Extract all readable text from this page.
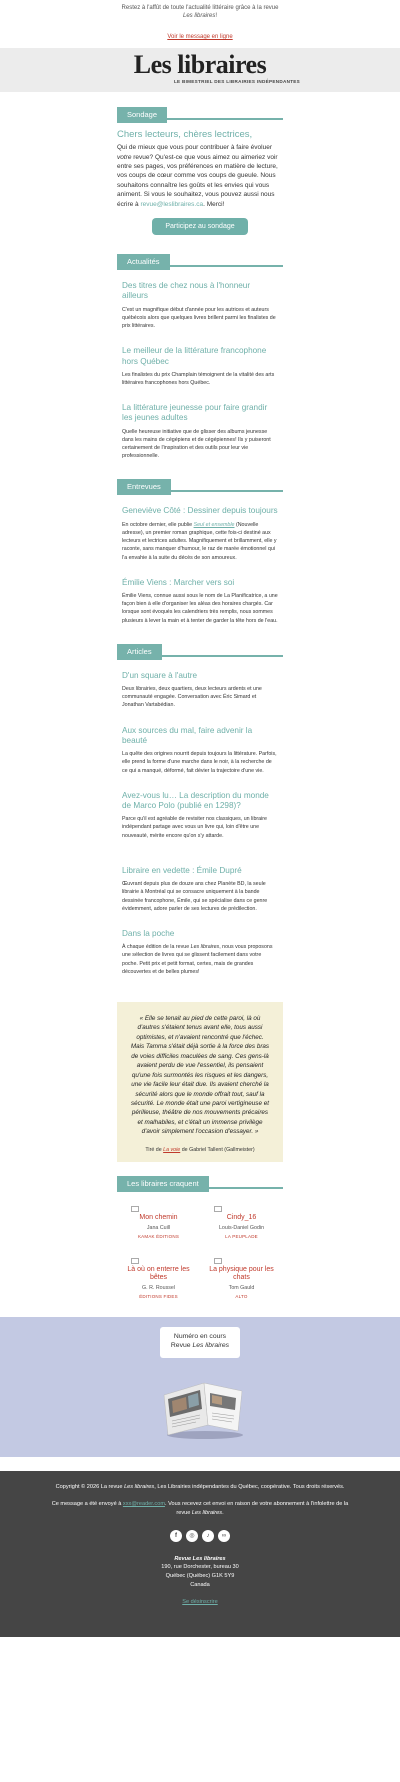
Restez à l'affût de toute l'actualité littéraire grâce à la revue Les libraires!
Voir le message en ligne
Les libraires
LE BIMESTRIEL DES LIBRAIRIES INDÉPENDANTES
Sondage
Chers lecteurs, chères lectrices,
Qui de mieux que vous pour contribuer à faire évoluer votre revue? Qu'est-ce que vous aimez ou aimeriez voir entre ses pages, vos préférences en matière de lecture, vos coups de cœur comme vos coups de gueule. Nous souhaitons connaître les goûts et les envies qui vous animent. Si vous le souhaitez, vous pouvez aussi nous écrire à revue@leslibraires.ca. Merci!
Participez au sondage
Actualités
Des titres de chez nous à l'honneur ailleurs

C'est un magnifique début d'année pour les autrices et auteurs québécois alors que quelques livres brillent parmi les finalistes de prix littéraires.

Le meilleur de la littérature francophone hors Québec

Les finalistes du prix Champlain témoignent de la vitalité des arts littéraires francophones hors Québec.

La littérature jeunesse pour faire grandir les jeunes adultes

Quelle heureuse initiative que de glisser des albums jeunesse dans les mains de cégépiens et de cégépiennes! Ils y puiseront certainement de l'inspiration et des outils pour leur vie professionnelle.

Entrevues
Geneviève Côté : Dessiner depuis toujours

En octobre dernier, elle publie Seul et ensemble (Nouvelle adresse), un premier roman graphique, cette fois-ci destiné aux lecteurs et lectrices adultes. Magnifiquement et brillamment, elle y raconte, sans manquer d'humour, le raz de marée émotionnel qui l'a envahie à la suite du décès de son amoureux.

Émilie Viens : Marcher vers soi

Émilie Viens, connue aussi sous le nom de La Planificatrice, a une façon bien à elle d'organiser les aléas des horaires chargés. Car lorsque sont évoqués les calendriers très remplis, nous sommes plusieurs à lever la main et à tenter de garder la tête hors de l'eau.

Articles
D'un square à l'autre

Deux librairies, deux quartiers, deux lecteurs ardents et une communauté engagée. Conversation avec Éric Simard et Jonathan Vartabédian.

Aux sources du mal, faire advenir la beauté

La quête des origines nourrit depuis toujours la littérature. Parfois, elle prend la forme d'une marche dans le noir, à la recherche de ce qui a manqué, déformé, fait dévier la trajectoire d'une vie.

Avez-vous lu… La description du monde de Marco Polo (publié en 1298)?

Parce qu'il est agréable de revisiter nos classiques, un libraire indépendant partage avec vous un livre qui, loin d'être une nouveauté, mérite encore qu'on s'y attarde.

Libraire en vedette : Émile Dupré

Œuvrant depuis plus de douze ans chez Planète BD, la seule librairie à Montréal qui se consacre uniquement à la bande dessinée francophone, Émile, qui se spécialise dans ce genre évidemment, adore parler de ses lectures de prédilection.

Dans la poche

À chaque édition de la revue Les libraires, nous vous proposons une sélection de livres qui se glissent facilement dans votre poche. Petit prix et petit format, certes, mais de grandes découvertes et de belles plumes!

« Elle se tenait au pied de cette paroi, là où d'autres s'étaient tenus avant elle, tous aussi optimistes, et n'avaient rencontré que l'échec. Mais Tamma s'était déjà sortie à la force des bras de voies difficiles maculées de sang. Ces gens-là avaient perdu de vue l'essentiel, ils pensaient qu'une fois surmontés les risques et les dangers, une vie facile leur était due. Ils avaient cherché la sécurité alors que le monde offrait tout, sauf la sécurité. Le monde était une paroi vertigineuse et périlleuse, théâtre de nos mouvements précaires et malhabiles, et c'était un immense privilège d'avoir simplement l'occasion d'essayer. »
Tiré de La voie de Gabriel Tallent (Gallmeister)
Les libraires craquent
Mon chemin
Jana Cuill
KAMAK ÉDITIONS
Cindy_16
Louis-Daniel Godin
LA PEUPLADE
Là où on enterre les bêtes
G. R. Roussel
ÉDITIONS FIDES
La physique pour les chats
Tom Gauld
ALTO
Numéro en cours
Revue Les libraires

Copyright © 2026 La revue Les libraires, Les Librairies indépendantes du Québec, coopérative. Tous droits réservés.

Ce message a été envoyé à xxx@reader.com. Vous recevez cet envoi en raison de votre abonnement à l'infolettre de la revue Les libraires.

f	◎	♪	∞
Revue Les libraires
190, rue Dorchester, bureau 30
Québec (Québec) G1K 5Y9
Canada
Se désinscrire
